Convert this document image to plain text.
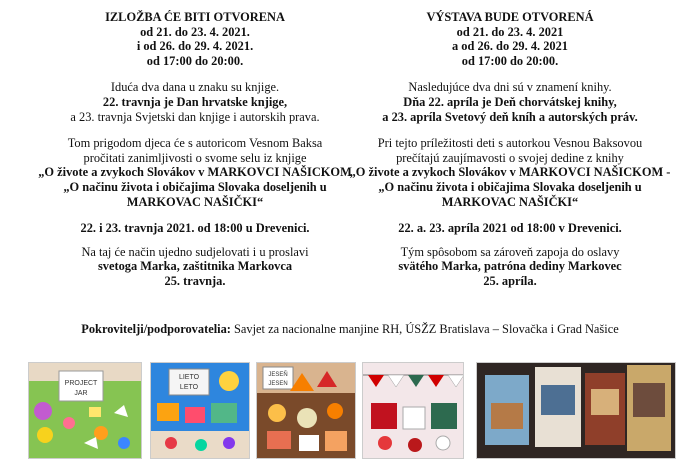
IZLOŽBA ĆE BITI OTVORENA

od 21. do 23. 4. 2021.

i od 26. do 29. 4. 2021.

od 17:00 do 20:00.

Iduća dva dana u znaku su knjige.

22. travnja je Dan hrvatske knjige,

a 23. travnja Svjetski dan knjige i autorskih prava.

Tom prigodom djeca će s autoricom Vesnom Baksa

pročitati zanimljivosti o svome selu iz knjige

„O živote a zvykoch Slovákov v MARKOVCI NAŠICKOM

„O načinu života i običajima Slovaka doseljenih u

MARKOVAC NAŠIČKI“

22. i 23. travnja 2021. od 18:00 u Drevenici.

Na taj će način ujedno sudjelovati i u proslavi

svetoga Marka, zaštitnika Markovca

25. travnja.

VÝSTAVA BUDE OTVORENÁ

od 21. do 23. 4. 2021

a od 26. do 29. 4. 2021

od 17:00 do 20:00.

Nasledujúce dva dni sú v znamení knihy.

Dňa 22. apríla je Deň chorvátskej knihy,

a 23. apríla Svetový deň kníh a autorských práv.

Pri tejto príležitosti deti s autorkou Vesnou Baksovou

prečítajú zaujímavosti o svojej dedine z knihy

„O živote a zvykoch Slovákov v MARKOVCI NAŠICKOM -

„O načinu života i običajima Slovaka doseljenih u

MARKOVAC NAŠIČKI“

22. a. 23. apríla 2021 od 18:00 v Drevenici.

Tým spôsobom sa zároveň zapoja do oslavy

svätého Marka, patróna dediny Markovec

25. apríla.

Pokrovitelji/podporovatelia: Savjet za nacionalne manjine RH, ÚSŽZ Bratislava – Slovačka i Grad Našice
PROJECT
JAR
LIETO
LETO
JESEŇ
JESEN
